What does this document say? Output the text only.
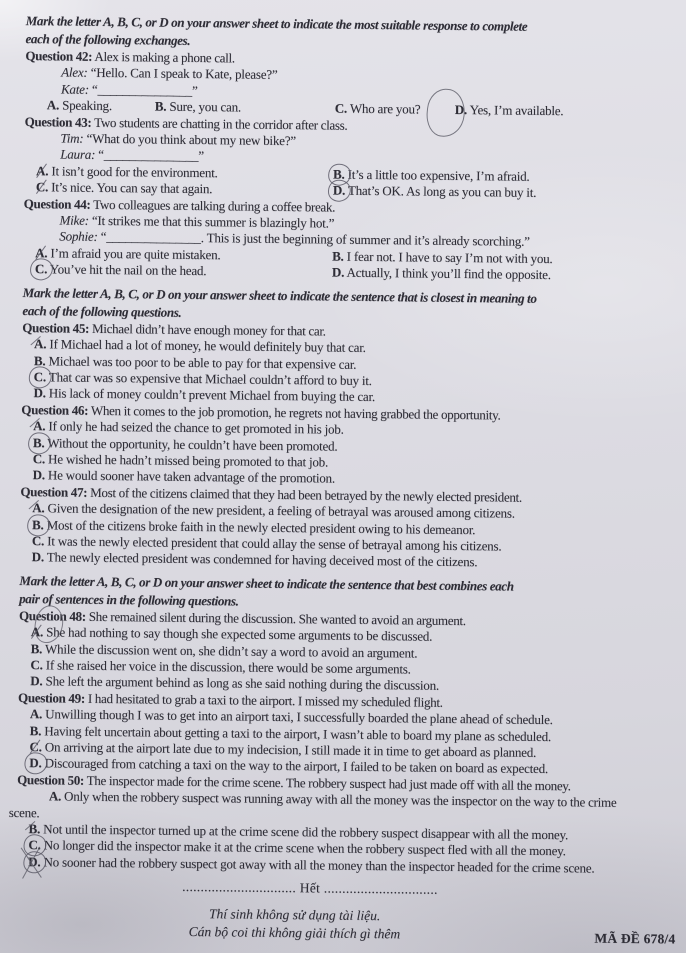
Mark the letter A, B, C, or D on your answer sheet to indicate the most suitable response to complete
each of the following exchanges.
Question 42: Alex is making a phone call.
Alex: “Hello. Can I speak to Kate, please?”
Kate: “_______________”
A. Speaking.	B. Sure, you can.	C. Who are you?	D. Yes, I’m available.
Question 43: Two students are chatting in the corridor after class.
Tim: “What do you think about my new bike?”
Laura: “_______________”
A. It isn’t good for the environment.	B. It’s a little too expensive, I’m afraid.
C. It’s nice. You can say that again.	D. That’s OK. As long as you can buy it.
Question 44: Two colleagues are talking during a coffee break.
Mike: “It strikes me that this summer is blazingly hot.”
Sophie: “_______________. This is just the beginning of summer and it’s already scorching.”
A. I’m afraid you are quite mistaken.	B. I fear not. I have to say I’m not with you.
C. You’ve hit the nail on the head.	D. Actually, I think you’ll find the opposite.
Mark the letter A, B, C, or D on your answer sheet to indicate the sentence that is closest in meaning to
each of the following questions.
Question 45: Michael didn’t have enough money for that car.
A. If Michael had a lot of money, he would definitely buy that car.
B. Michael was too poor to be able to pay for that expensive car.
C. That car was so expensive that Michael couldn’t afford to buy it.
D. His lack of money couldn’t prevent Michael from buying the car.
Question 46: When it comes to the job promotion, he regrets not having grabbed the opportunity.
A. If only he had seized the chance to get promoted in his job.
B. Without the opportunity, he couldn’t have been promoted.
C. He wished he hadn’t missed being promoted to that job.
D. He would sooner have taken advantage of the promotion.
Question 47: Most of the citizens claimed that they had been betrayed by the newly elected president.
A. Given the designation of the new president, a feeling of betrayal was aroused among citizens.
B. Most of the citizens broke faith in the newly elected president owing to his demeanor.
C. It was the newly elected president that could allay the sense of betrayal among his citizens.
D. The newly elected president was condemned for having deceived most of the citizens.
Mark the letter A, B, C, or D on your answer sheet to indicate the sentence that best combines each
pair of sentences in the following questions.
Question 48: She remained silent during the discussion. She wanted to avoid an argument.
A. She had nothing to say though she expected some arguments to be discussed.
B. While the discussion went on, she didn’t say a word to avoid an argument.
C. If she raised her voice in the discussion, there would be some arguments.
D. She left the argument behind as long as she said nothing during the discussion.
Question 49: I had hesitated to grab a taxi to the airport. I missed my scheduled flight.
A. Unwilling though I was to get into an airport taxi, I successfully boarded the plane ahead of schedule.
B. Having felt uncertain about getting a taxi to the airport, I wasn’t able to board my plane as scheduled.
C. On arriving at the airport late due to my indecision, I still made it in time to get aboard as planned.
D. Discouraged from catching a taxi on the way to the airport, I failed to be taken on board as expected.
Question 50: The inspector made for the crime scene. The robbery suspect had just made off with all the money.
A. Only when the robbery suspect was running away with all the money was the inspector on the way to the crime scene.
B. Not until the inspector turned up at the crime scene did the robbery suspect disappear with all the money.
C. No longer did the inspector make it at the crime scene when the robbery suspect fled with all the money.
D. No sooner had the robbery suspect got away with all the money than the inspector headed for the crime scene.
............................... Hết ...............................
Thí sinh không sử dụng tài liệu.
Cán bộ coi thi không giải thích gì thêm	MÃ ĐỀ 678/4
